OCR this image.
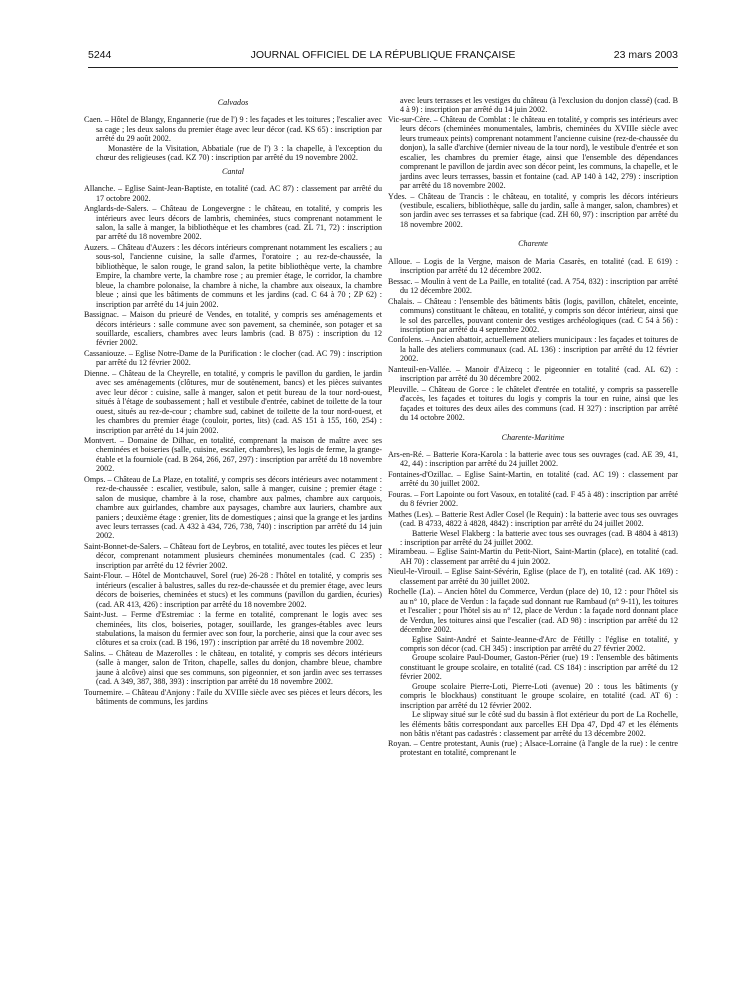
5244	JOURNAL OFFICIEL DE LA RÉPUBLIQUE FRANÇAISE	23 mars 2003
Calvados

Caen. – Hôtel de Blangy, Engannerie (rue de l') 9 : les façades et les toitures ; l'escalier avec sa cage ; les deux salons du premier étage avec leur décor (cad. KS 65) : inscription par arrêté du 29 août 2002.

Monastère de la Visitation, Abbatiale (rue de l') 3 : la chapelle, à l'exception du chœur des religieuses (cad. KZ 70) : inscription par arrêté du 19 novembre 2002.

Cantal

Allanche. – Eglise Saint-Jean-Baptiste, en totalité (cad. AC 87) : classement par arrêté du 17 octobre 2002.

Anglards-de-Salers. – Château de Longevergne : le château, en totalité, y compris les intérieurs avec leurs décors de lambris, cheminées, stucs comprenant notamment le salon, la salle à manger, la bibliothèque et les chambres (cad. ZL 71, 72) : inscription par arrêté du 18 novembre 2002.

Auzers. – Château d'Auzers : les décors intérieurs comprenant notamment les escaliers ; au sous-sol, l'ancienne cuisine, la salle d'armes, l'oratoire ; au rez-de-chaussée, la bibliothèque, le salon rouge, le grand salon, la petite bibliothèque verte, la chambre Empire, la chambre verte, la chambre rose ; au premier étage, le corridor, la chambre bleue, la chambre polonaise, la chambre à niche, la chambre aux oiseaux, la chambre bleue ; ainsi que les bâtiments de communs et les jardins (cad. C 64 à 70 ; ZP 62) : inscription par arrêté du 14 juin 2002.

Bassignac. – Maison du prieuré de Vendes, en totalité, y compris ses aménagements et décors intérieurs : salle commune avec son pavement, sa cheminée, son potager et sa souillarde, escaliers, chambres avec leurs lambris (cad. B 875) : inscription du 12 février 2002.

Cassaniouze. – Eglise Notre-Dame de la Purification : le clocher (cad. AC 79) : inscription par arrêté du 12 février 2002.

Dienne. – Château de la Cheyrelle, en totalité, y compris le pavillon du gardien, le jardin avec ses aménagements (clôtures, mur de soutènement, bancs) et les pièces suivantes avec leur décor : cuisine, salle à manger, salon et petit bureau de la tour nord-ouest, situés à l'étage de soubassement ; hall et vestibule d'entrée, cabinet de toilette de la tour ouest, situés au rez-de-cour ; chambre sud, cabinet de toilette de la tour nord-ouest, et les chambres du premier étage (couloir, portes, lits) (cad. AS 151 à 155, 160, 254) : inscription par arrêté du 14 juin 2002.

Montvert. – Domaine de Dilhac, en totalité, comprenant la maison de maître avec ses cheminées et boiseries (salle, cuisine, escalier, chambres), les logis de ferme, la grange-étable et la fourniole (cad. B 264, 266, 267, 297) : inscription par arrêté du 18 novembre 2002.

Omps. – Château de La Plaze, en totalité, y compris ses décors intérieurs avec notamment : rez-de-chaussée : escalier, vestibule, salon, salle à manger, cuisine ; premier étage : salon de musique, chambre à la rose, chambre aux palmes, chambre aux carquois, chambre aux guirlandes, chambre aux paysages, chambre aux lauriers, chambre aux paniers ; deuxième étage : grenier, lits de domestiques ; ainsi que la grange et les jardins avec leurs terrasses (cad. A 432 à 434, 726, 738, 740) : inscription par arrêté du 14 juin 2002.

Saint-Bonnet-de-Salers. – Château fort de Leybros, en totalité, avec toutes les pièces et leur décor, comprenant notamment plusieurs cheminées monumentales (cad. C 235) : inscription par arrêté du 12 février 2002.

Saint-Flour. – Hôtel de Montchauvel, Sorel (rue) 26-28 : l'hôtel en totalité, y compris ses intérieurs (escalier à balustres, salles du rez-de-chaussée et du premier étage, avec leurs décors de boiseries, cheminées et stucs) et les communs (pavillon du gardien, écuries) (cad. AR 413, 426) : inscription par arrêté du 18 novembre 2002.

Saint-Just. – Ferme d'Estremiac : la ferme en totalité, comprenant le logis avec ses cheminées, lits clos, boiseries, potager, souillarde, les granges-étables avec leurs stabulations, la maison du fermier avec son four, la porcherie, ainsi que la cour avec ses clôtures et sa croix (cad. B 196, 197) : inscription par arrêté du 18 novembre 2002.

Salins. – Château de Mazerolles : le château, en totalité, y compris ses décors intérieurs (salle à manger, salon de Triton, chapelle, salles du donjon, chambre bleue, chambre jaune à alcôve) ainsi que ses communs, son pigeonnier, et son jardin avec ses terrasses (cad. A 349, 387, 388, 393) : inscription par arrêté du 18 novembre 2002.

Tournemire. – Château d'Anjony : l'aile du XVIIIe siècle avec ses pièces et leurs décors, les bâtiments de communs, les jardins

avec leurs terrasses et les vestiges du château (à l'exclusion du donjon classé) (cad. B 4 à 9) : inscription par arrêté du 14 juin 2002.

Vic-sur-Cère. – Château de Comblat : le château en totalité, y compris ses intérieurs avec leurs décors (cheminées monumentales, lambris, cheminées du XVIIIe siècle avec leurs trumeaux peints) comprenant notamment l'ancienne cuisine (rez-de-chaussée du donjon), la salle d'archive (dernier niveau de la tour nord), le vestibule d'entrée et son escalier, les chambres du premier étage, ainsi que l'ensemble des dépendances comprenant le pavillon de jardin avec son décor peint, les communs, la chapelle, et le jardins avec leurs terrasses, bassin et fontaine (cad. AP 140 à 142, 279) : inscription par arrêté du 18 novembre 2002.

Ydes. – Château de Trancis : le château, en totalité, y compris les décors intérieurs (vestibule, escaliers, bibliothèque, salle du jardin, salle à manger, salon, chambres) et son jardin avec ses terrasses et sa fabrique (cad. ZH 60, 97) : inscription par arrêté du 18 novembre 2002.

Charente

Alloue. – Logis de la Vergne, maison de Maria Casarès, en totalité (cad. E 619) : inscription par arrêté du 12 décembre 2002.

Bessac. – Moulin à vent de La Paille, en totalité (cad. A 754, 832) : inscription par arrêté du 12 décembre 2002.

Chalais. – Château : l'ensemble des bâtiments bâtis (logis, pavillon, châtelet, enceinte, communs) constituant le château, en totalité, y compris son décor intérieur, ainsi que le sol des parcelles, pouvant contenir des vestiges archéologiques (cad. C 54 à 56) : inscription par arrêté du 4 septembre 2002.

Confolens. – Ancien abattoir, actuellement ateliers municipaux : les façades et toitures de la halle des ateliers communaux (cad. AL 136) : inscription par arrêté du 12 février 2002.

Nanteuil-en-Vallée. – Manoir d'Aizecq : le pigeonnier en totalité (cad. AL 62) : inscription par arrêté du 30 décembre 2002.

Pleuville. – Château de Gorce : le châtelet d'entrée en totalité, y compris sa passerelle d'accès, les façades et toitures du logis y compris la tour en ruine, ainsi que les façades et toitures des deux ailes des communs (cad. H 327) : inscription par arrêté du 14 octobre 2002.

Charente-Maritime

Ars-en-Ré. – Batterie Kora-Karola : la batterie avec tous ses ouvrages (cad. AE 39, 41, 42, 44) : inscription par arrêté du 24 juillet 2002.

Fontaines-d'Ozillac. – Eglise Saint-Martin, en totalité (cad. AC 19) : classement par arrêté du 30 juillet 2002.

Fouras. – Fort Lapointe ou fort Vasoux, en totalité (cad. F 45 à 48) : inscription par arrêté du 8 février 2002.

Mathes (Les). – Batterie Rest Adler Cosel (le Requin) : la batterie avec tous ses ouvrages (cad. B 4733, 4822 à 4828, 4842) : inscription par arrêté du 24 juillet 2002.

Batterie Wesel Flakberg : la batterie avec tous ses ouvrages (cad. B 4804 à 4813) : inscription par arrêté du 24 juillet 2002.

Mirambeau. – Eglise Saint-Martin du Petit-Niort, Saint-Martin (place), en totalité (cad. AH 70) : classement par arrêté du 4 juin 2002.

Nieul-le-Virouil. – Eglise Saint-Sévérin, Eglise (place de l'), en totalité (cad. AK 169) : classement par arrêté du 30 juillet 2002.

Rochelle (La). – Ancien hôtel du Commerce, Verdun (place de) 10, 12 : pour l'hôtel sis au n° 10, place de Verdun : la façade sud donnant rue Rambaud (n° 9-11), les toitures et l'escalier ; pour l'hôtel sis au n° 12, place de Verdun : la façade nord donnant place de Verdun, les toitures ainsi que l'escalier (cad. AD 98) : inscription par arrêté du 12 décembre 2002.

Eglise Saint-André et Sainte-Jeanne-d'Arc de Fétilly : l'église en totalité, y compris son décor (cad. CH 345) : inscription par arrêté du 27 février 2002.

Groupe scolaire Paul-Doumer, Gaston-Périer (rue) 19 : l'ensemble des bâtiments constituant le groupe scolaire, en totalité (cad. CS 184) : inscription par arrêté du 12 février 2002.

Groupe scolaire Pierre-Loti, Pierre-Loti (avenue) 20 : tous les bâtiments (y compris le blockhaus) constituant le groupe scolaire, en totalité (cad. AT 6) : inscription par arrêté du 12 février 2002.

Le slipway situé sur le côté sud du bassin à flot extérieur du port de La Rochelle, les éléments bâtis correspondant aux parcelles EH Dpa 47, Dpd 47 et les éléments non bâtis n'étant pas cadastrés : classement par arrêté du 13 décembre 2002.

Royan. – Centre protestant, Aunis (rue) ; Alsace-Lorraine (à l'angle de la rue) : le centre protestant en totalité, comprenant le
